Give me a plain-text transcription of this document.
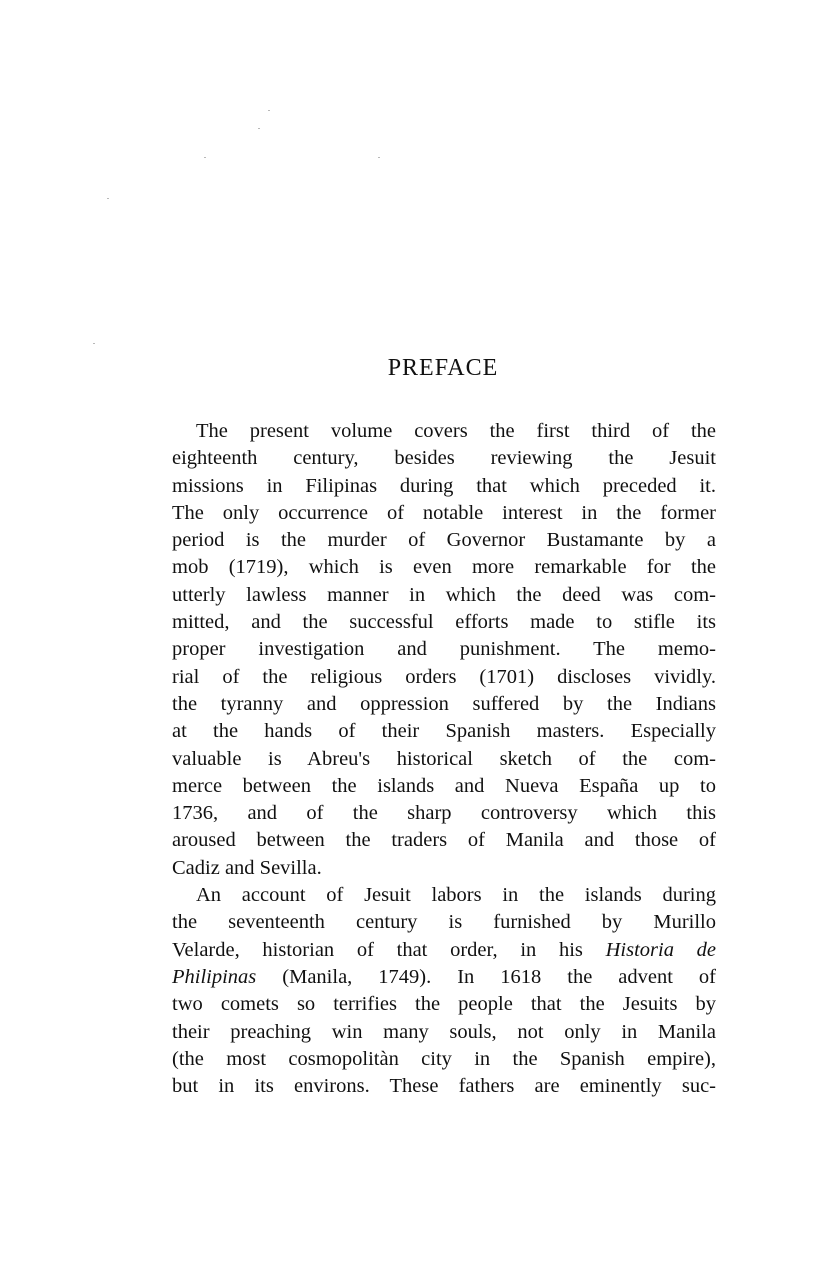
PREFACE
The present volume covers the first third of the
eighteenth century, besides reviewing the Jesuit
missions in Filipinas during that which preceded it.
The only occurrence of notable interest in the former
period is the murder of Governor Bustamante by a
mob (1719), which is even more remarkable for the
utterly lawless manner in which the deed was com-
mitted, and the successful efforts made to stifle its
proper investigation and punishment. The memo-
rial of the religious orders (1701) discloses vividly.
the tyranny and oppression suffered by the Indians
at the hands of their Spanish masters. Especially
valuable is Abreu's historical sketch of the com-
merce between the islands and Nueva España up to
1736, and of the sharp controversy which this
aroused between the traders of Manila and those of
Cadiz and Sevilla.
An account of Jesuit labors in the islands during
the seventeenth century is furnished by Murillo
Velarde, historian of that order, in his Historia de
Philipinas (Manila, 1749). In 1618 the advent of
two comets so terrifies the people that the Jesuits by
their preaching win many souls, not only in Manila
(the most cosmopolitàn city in the Spanish empire),
but in its environs. These fathers are eminently suc-
